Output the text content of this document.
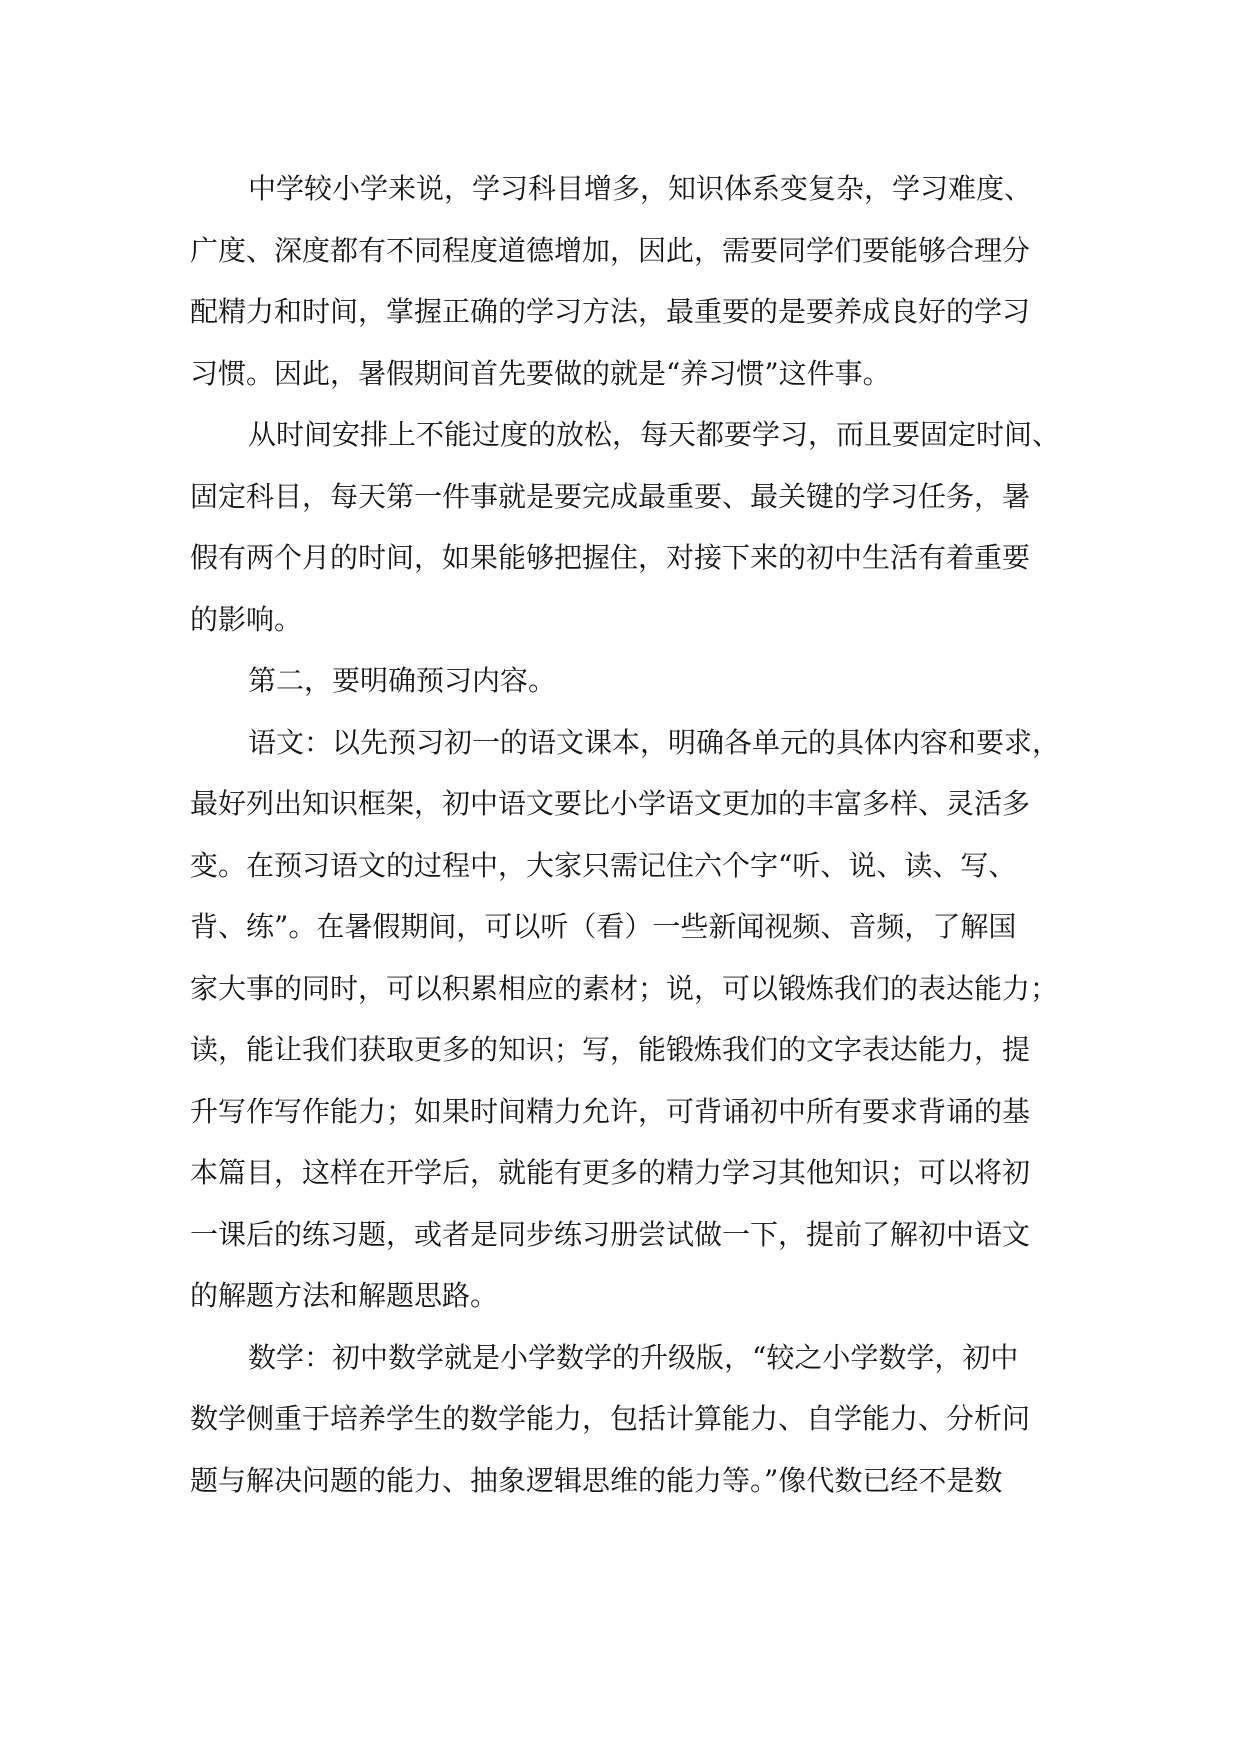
中学较小学来说，学习科目增多，知识体系变复杂，学习难度、
广度、深度都有不同程度道德增加，因此，需要同学们要能够合理分
配精力和时间，掌握正确的学习方法，最重要的是要养成良好的学习
习惯。因此，暑假期间首先要做的就是“养习惯”这件事。
从时间安排上不能过度的放松，每天都要学习，而且要固定时间、
固定科目，每天第一件事就是要完成最重要、最关键的学习任务，暑
假有两个月的时间，如果能够把握住，对接下来的初中生活有着重要
的影响。
第二，要明确预习内容。
语文：以先预习初一的语文课本，明确各单元的具体内容和要求，
最好列出知识框架，初中语文要比小学语文更加的丰富多样、灵活多
变。在预习语文的过程中，大家只需记住六个字“听、说、读、写、
背、练”。在暑假期间，可以听（看）一些新闻视频、音频，了解国
家大事的同时，可以积累相应的素材；说，可以锻炼我们的表达能力；
读，能让我们获取更多的知识；写，能锻炼我们的文字表达能力，提
升写作写作能力；如果时间精力允许，可背诵初中所有要求背诵的基
本篇目，这样在开学后，就能有更多的精力学习其他知识；可以将初
一课后的练习题，或者是同步练习册尝试做一下，提前了解初中语文
的解题方法和解题思路。
数学：初中数学就是小学数学的升级版，“较之小学数学，初中
数学侧重于培养学生的数学能力，包括计算能力、自学能力、分析问
题与解决问题的能力、抽象逻辑思维的能力等。”像代数已经不是数
